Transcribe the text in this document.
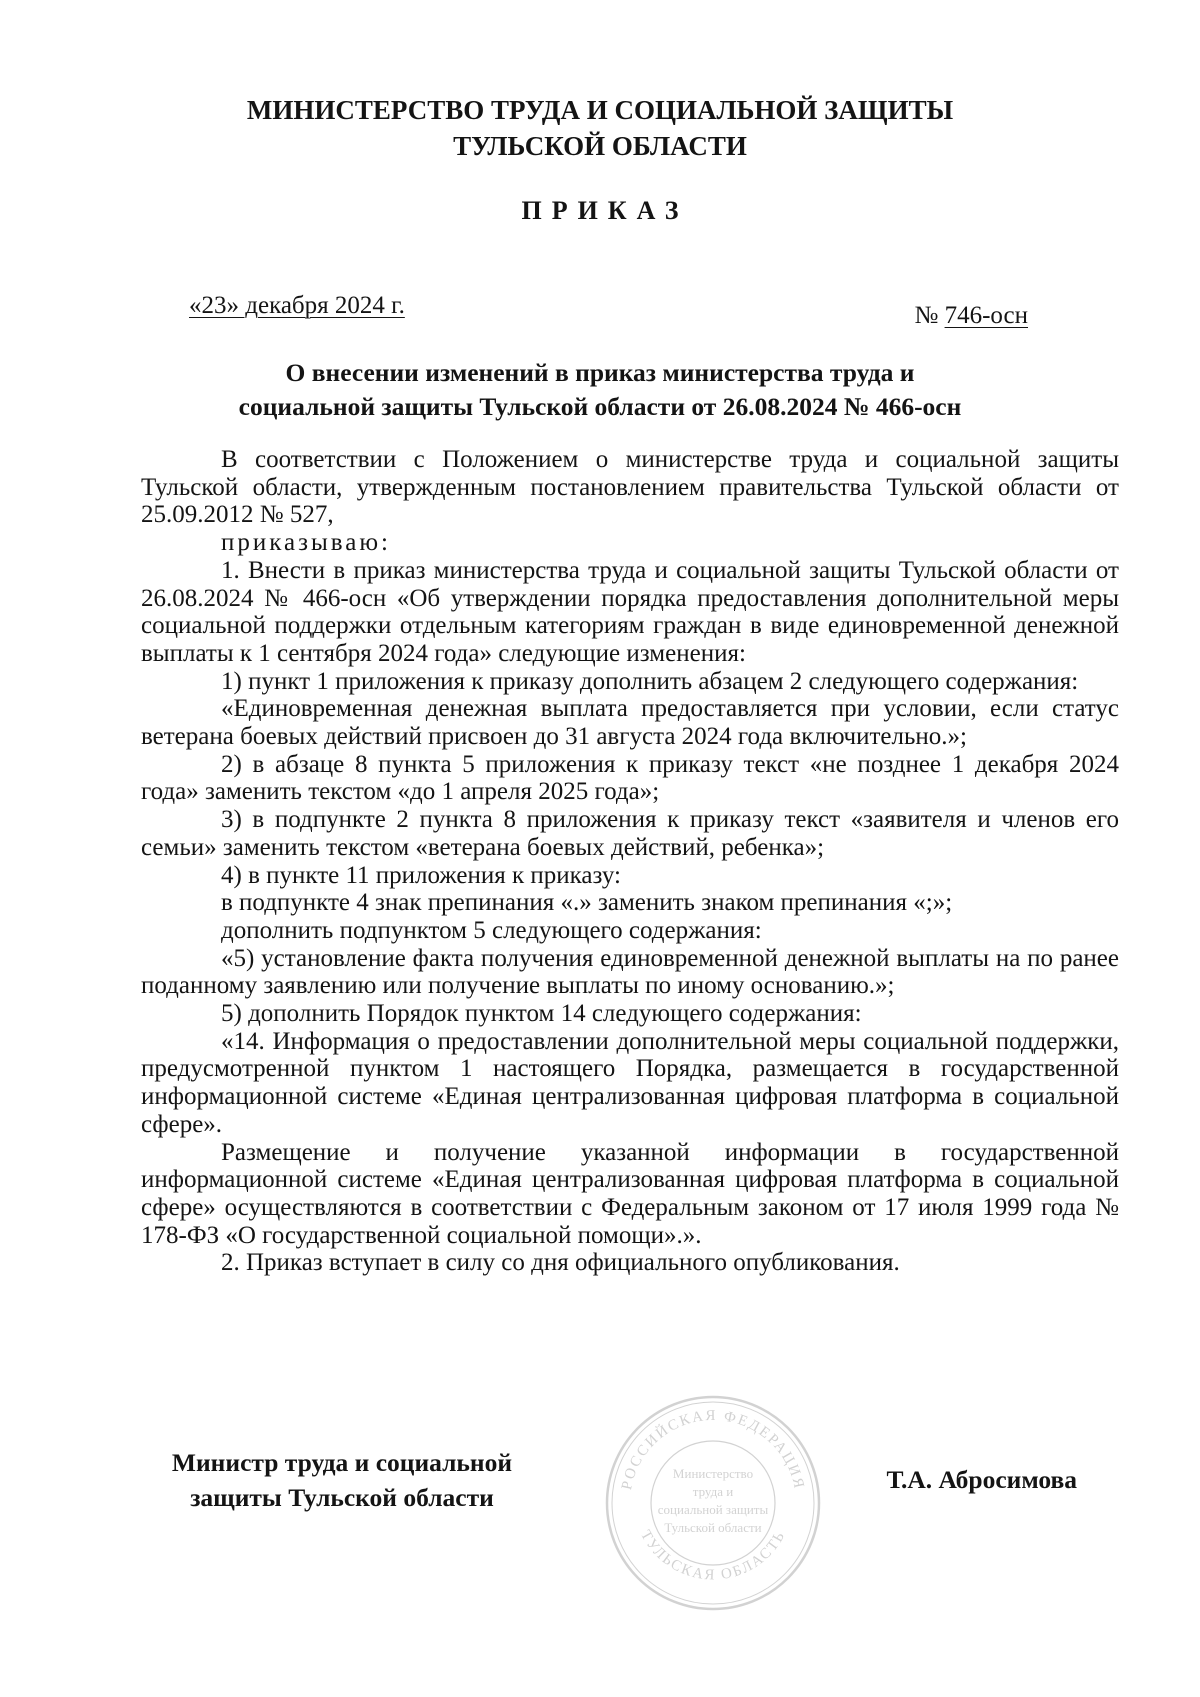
МИНИСТЕРСТВО ТРУДА И СОЦИАЛЬНОЙ ЗАЩИТЫ
ТУЛЬСКОЙ ОБЛАСТИ
ПРИКАЗ
«23» декабря 2024 г.	№ 746-осн
О внесении изменений в приказ министерства труда и
социальной защиты Тульской области от 26.08.2024 № 466-осн

В соответствии с Положением о министерстве труда и социальной защиты Тульской области, утвержденным постановлением правительства Тульской области от 25.09.2012 № 527,

приказываю:

1. Внести в приказ министерства труда и социальной защиты Тульской области от 26.08.2024 № 466-осн «Об утверждении порядка предоставления дополнительной меры социальной поддержки отдельным категориям граждан в виде единовременной денежной выплаты к 1 сентября 2024 года» следующие изменения:

1) пункт 1 приложения к приказу дополнить абзацем 2 следующего содержания:

«Единовременная денежная выплата предоставляется при условии, если статус ветерана боевых действий присвоен до 31 августа 2024 года включительно.»;

2) в абзаце 8 пункта 5 приложения к приказу текст «не позднее 1 декабря 2024 года» заменить текстом «до 1 апреля 2025 года»;

3) в подпункте 2 пункта 8 приложения к приказу текст «заявителя и членов его семьи» заменить текстом «ветерана боевых действий, ребенка»;

4) в пункте 11 приложения к приказу:

в подпункте 4 знак препинания «.» заменить знаком препинания «;»;

дополнить подпунктом 5 следующего содержания:

«5) установление факта получения единовременной денежной выплаты на по ранее поданному заявлению или получение выплаты по иному основанию.»;

5) дополнить Порядок пунктом 14 следующего содержания:

«14. Информация о предоставлении дополнительной меры социальной поддержки, предусмотренной пунктом 1 настоящего Порядка, размещается в государственной информационной системе «Единая централизованная цифровая платформа в социальной сфере».

Размещение и получение указанной информации в государственной информационной системе «Единая централизованная цифровая платформа в социальной сфере» осуществляются в соответствии с Федеральным законом от 17 июля 1999 года № 178-ФЗ «О государственной социальной помощи».».

2. Приказ вступает в силу со дня официального опубликования.

Министр труда и социальной
защиты Тульской области
Т.А. Абросимова
РОССИЙСКАЯ ФЕДЕРАЦИЯ
ТУЛЬСКАЯ ОБЛАСТЬ
Министерство
труда и
социальной защиты
Тульской области
